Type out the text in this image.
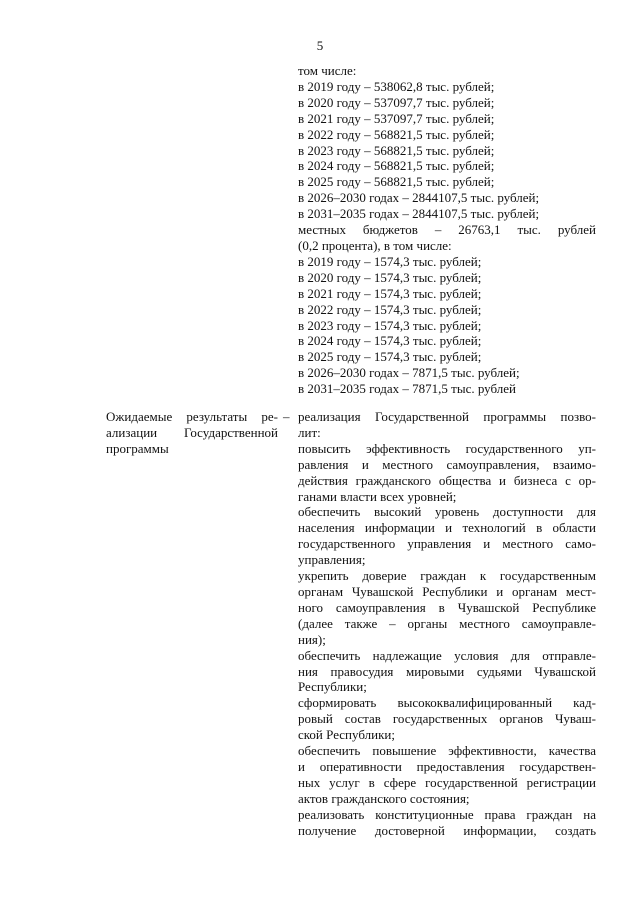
5
том числе:
в 2019 году – 538062,8 тыс. рублей;
в 2020 году – 537097,7 тыс. рублей;
в 2021 году – 537097,7 тыс. рублей;
в 2022 году – 568821,5 тыс. рублей;
в 2023 году – 568821,5 тыс. рублей;
в 2024 году – 568821,5 тыс. рублей;
в 2025 году – 568821,5 тыс. рублей;
в 2026–2030 годах – 2844107,5 тыс. рублей;
в 2031–2035 годах – 2844107,5 тыс. рублей;
местных бюджетов – 26763,1 тыс. рублей
(0,2 процента), в том числе:
в 2019 году – 1574,3 тыс. рублей;
в 2020 году – 1574,3 тыс. рублей;
в 2021 году – 1574,3 тыс. рублей;
в 2022 году – 1574,3 тыс. рублей;
в 2023 году – 1574,3 тыс. рублей;
в 2024 году – 1574,3 тыс. рублей;
в 2025 году – 1574,3 тыс. рублей;
в 2026–2030 годах – 7871,5 тыс. рублей;
в 2031–2035 годах – 7871,5 тыс. рублей
Ожидаемые результаты ре-
ализации Государственной
программы
– реализация Государственной программы позво-
лит:
повысить эффективность государственного уп-
равления и местного самоуправления, взаимо-
действия гражданского общества и бизнеса с ор-
ганами власти всех уровней;
обеспечить высокий уровень доступности для
населения информации и технологий в области
государственного управления и местного само-
управления;
укрепить доверие граждан к государственным
органам Чувашской Республики и органам мест-
ного самоуправления в Чувашской Республике
(далее также – органы местного самоуправле-
ния);
обеспечить надлежащие условия для отправле-
ния правосудия мировыми судьями Чувашской
Республики;
сформировать высококвалифицированный кад-
ровый состав государственных органов Чуваш-
ской Республики;
обеспечить повышение эффективности, качества
и оперативности предоставления государствен-
ных услуг в сфере государственной регистрации
актов гражданского состояния;
реализовать конституционные права граждан на
получение достоверной информации, создать
